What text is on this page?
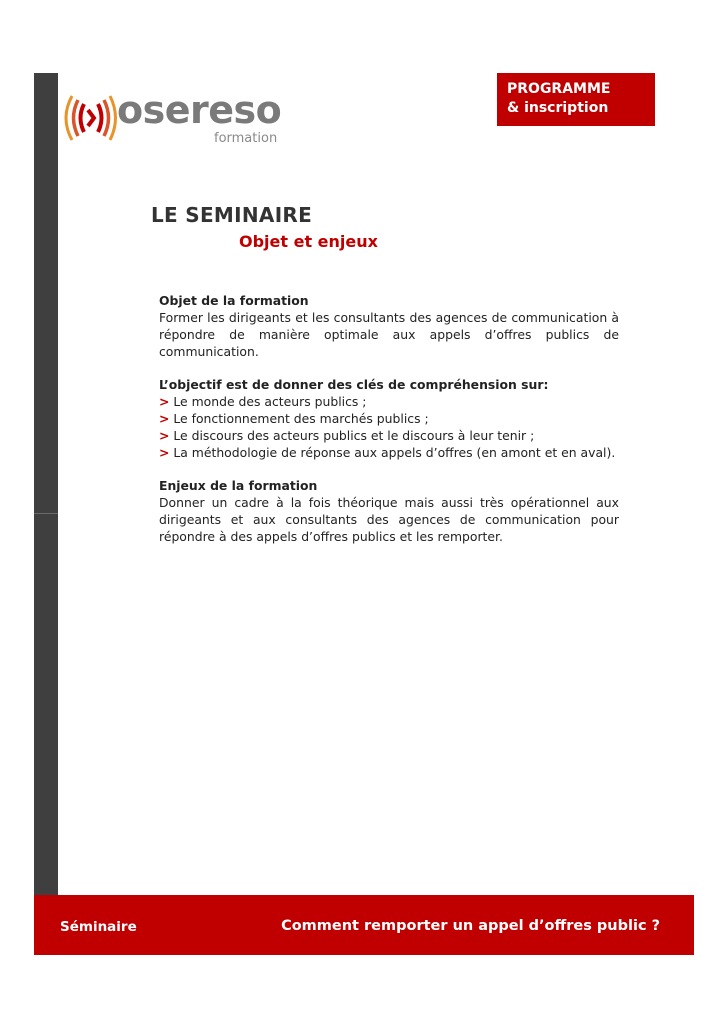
osereso
formation
PROGRAMME
& inscription
LE SEMINAIRE
Objet et enjeux

Objet de la formation

Former les dirigeants et les consultants des agences de communication à répondre de manière optimale aux appels d’offres publics de communication.

L’objectif est de donner des clés de compréhension sur:

> Le monde des acteurs publics ;

> Le fonctionnement des marchés publics ;

> Le discours des acteurs publics et le discours à leur tenir ;

> La méthodologie de réponse aux appels d’offres (en amont et en aval).

Enjeux de la formation

Donner un cadre à la fois théorique mais aussi très opérationnel aux dirigeants et aux consultants des agences de communication pour répondre à des appels d’offres publics et les remporter.

Séminaire	Comment remporter un appel d’offres public ?
